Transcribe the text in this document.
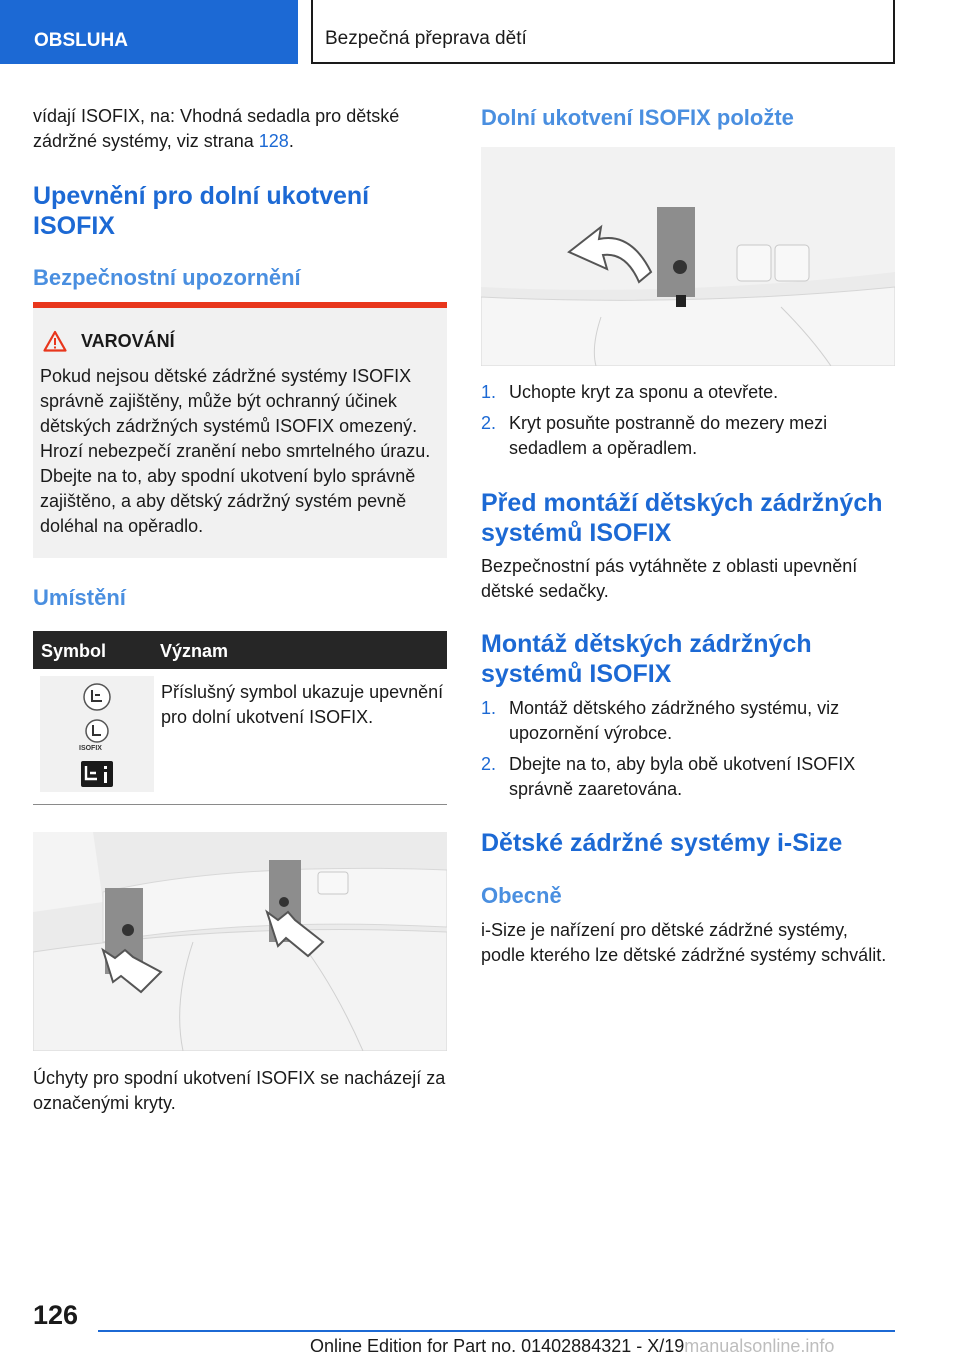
OBSLUHA	Bezpečná přeprava dětí

vídají ISOFIX, na: Vhodná sedadla pro dětské zádržné systémy, viz strana 128.

Upevnění pro dolní ukotvení ISOFIX
Bezpečnostní upozornění
VAROVÁNÍ

Pokud nejsou dětské zádržné systémy ISOFIX správně zajištěny, může být ochranný účinek dětských zádržných systémů ISOFIX omezený. Hrozí nebezpečí zranění nebo smrtelného úrazu. Dbejte na to, aby spodní ukotvení bylo správně zajištěno, a aby dětský zádržný systém pevně doléhal na opěradlo.

Umístění
Symbol	Význam
ISOFIX

Příslušný symbol ukazuje upevnění pro dolní ukotvení ISOFIX.

Úchyty pro spodní ukotvení ISOFIX se nacházejí za označenými kryty.

Dolní ukotvení ISOFIX položte
1. Uchopte kryt za sponu a otevřete.
2. Kryt posuňte postranně do mezery mezi sedadlem a opěradlem.
Před montáží dětských zádržných systémů ISOFIX

Bezpečnostní pás vytáhněte z oblasti upevnění dětské sedačky.

Montáž dětských zádržných systémů ISOFIX
1. Montáž dětského zádržného systému, viz upozornění výrobce.
2. Dbejte na to, aby byla obě ukotvení ISOFIX správně zaaretována.
Dětské zádržné systémy i-Size
Obecně

i-Size je nařízení pro dětské zádržné systémy, podle kterého lze dětské zádržné systémy schválit.

126
Online Edition for Part no. 01402884321 - X/19manualsonline.info
